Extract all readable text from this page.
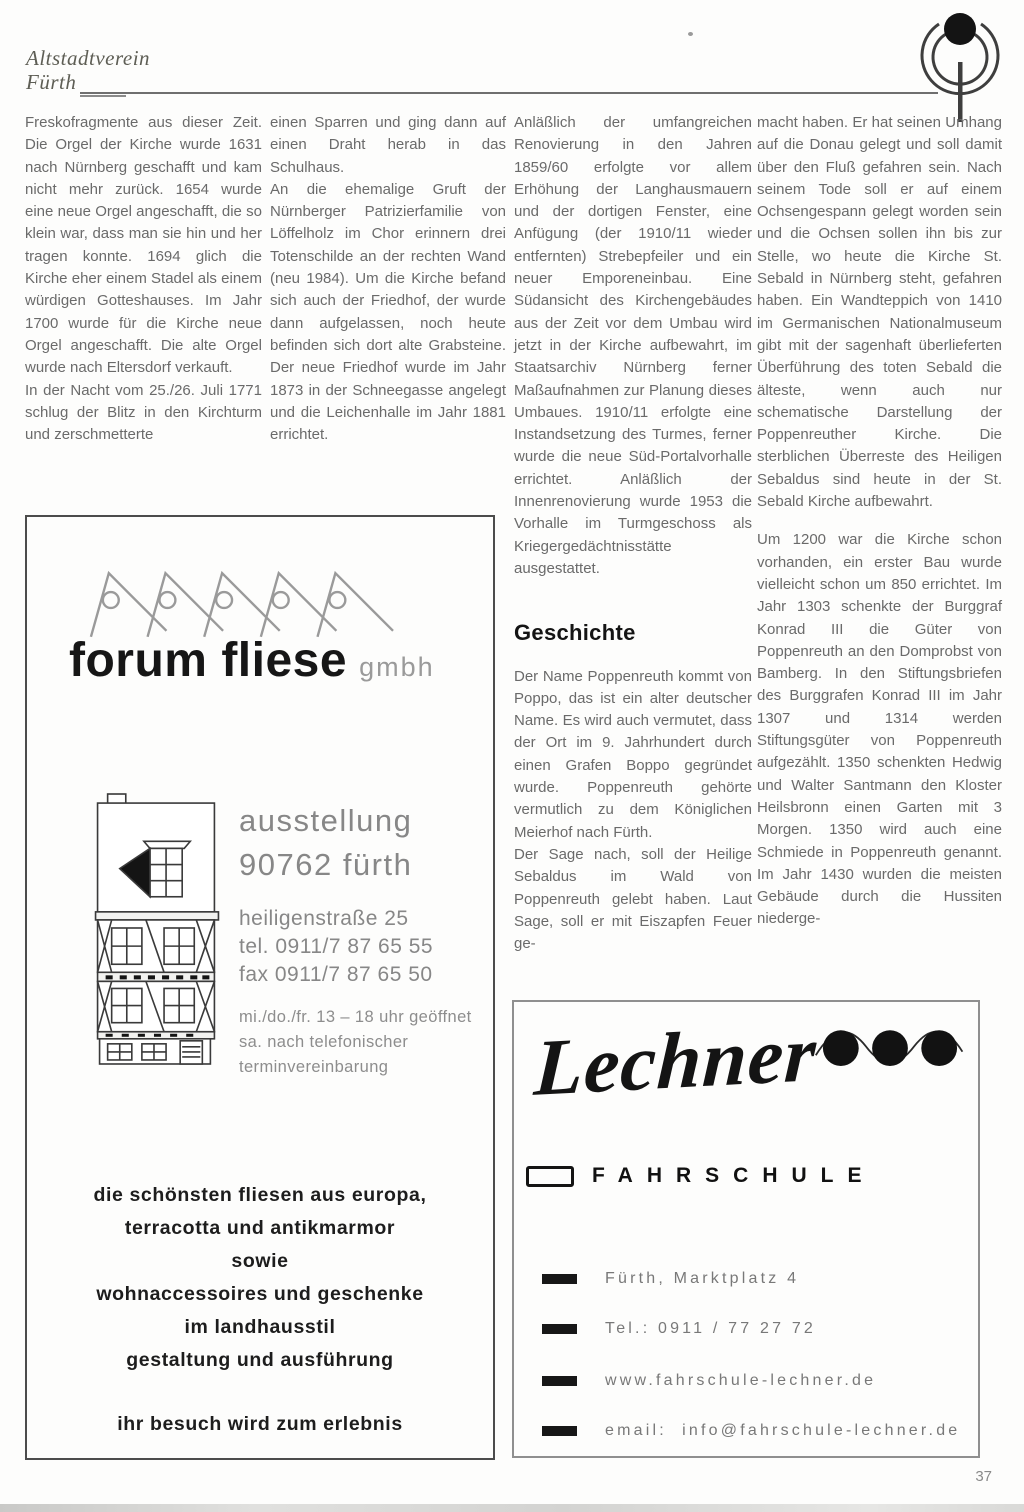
Altstadtverein
Fürth

Freskofragmente aus dieser Zeit. Die Orgel der Kirche wurde 1631 nach Nürnberg geschafft und kam nicht mehr zurück. 1654 wurde eine neue Orgel angeschafft, die so klein war, dass man sie hin und her tragen konnte. 1694 glich die Kirche eher einem Stadel als einem würdigen Gotteshauses. Im Jahr 1700 wurde für die Kirche neue Orgel angeschafft. Die alte Orgel wurde nach Eltersdorf verkauft.

In der Nacht vom 25./26. Juli 1771 schlug der Blitz in den Kirchturm und zerschmetterte

einen Sparren und ging dann auf einen Draht herab in das Schulhaus.

An die ehemalige Gruft der Nürnberger Patrizierfamilie von Löffelholz im Chor erinnern drei Totenschilde an der rechten Wand (neu 1984). Um die Kirche befand sich auch der Friedhof, der wurde dann aufgelassen, noch heute befinden sich dort alte Grabsteine. Der neue Friedhof wurde im Jahr 1873 in der Schneegasse angelegt und die Leichenhalle im Jahr 1881 errichtet.

Anläßlich der umfangreichen Renovierung in den Jahren 1859/60 erfolgte vor allem Erhöhung der Langhausmauern und der dortigen Fenster, eine Anfügung (der 1910/11 wieder entfernten) Strebepfeiler und ein neuer Emporeneinbau. Eine Südansicht des Kirchengebäudes aus der Zeit vor dem Umbau wird jetzt in der Kirche aufbewahrt, im Staatsarchiv Nürnberg ferner Maßaufnahmen zur Planung dieses Umbaues. 1910/11 erfolgte eine Instandsetzung des Turmes, ferner wurde die neue Süd-Portalvorhalle errichtet. Anläßlich der Innenrenovierung wurde 1953 die Vorhalle im Turmgeschoss als Kriegergedächtnisstätte ausgestattet.

Geschichte

Der Name Poppenreuth kommt von Poppo, das ist ein alter deutscher Name. Es wird auch vermutet, dass der Ort im 9. Jahrhundert durch einen Grafen Boppo gegründet wurde. Poppenreuth gehörte vermutlich zu dem Königlichen Meierhof nach Fürth.

Der Sage nach, soll der Heilige Sebaldus im Wald von Poppenreuth gelebt haben. Laut Sage, soll er mit Eiszapfen Feuer ge-

macht haben. Er hat seinen Umhang auf die Donau gelegt und soll damit über den Fluß gefahren sein. Nach seinem Tode soll er auf einem Ochsengespann gelegt worden sein und die Ochsen sollen ihn bis zur Stelle, wo heute die Kirche St. Sebald in Nürnberg steht, gefahren haben. Ein Wandteppich von 1410 im Germanischen Nationalmuseum gibt mit der sagenhaft überlieferten Überführung des toten Sebald die älteste, wenn auch nur schematische Darstellung der Poppenreuther Kirche. Die sterblichen Überreste des Heiligen Sebaldus sind heute in der St. Sebald Kirche aufbewahrt.

Um 1200 war die Kirche schon vorhanden, ein erster Bau wurde vielleicht schon um 850 errichtet. Im Jahr 1303 schenkte der Burggraf Konrad III die Güter von Poppenreuth an den Domprobst von Bamberg. In den Stiftungsbriefen des Burggrafen Konrad III im Jahr 1307 und 1314 werden Stiftungsgüter von Poppenreuth aufgezählt. 1350 schenkten Hedwig und Walter Santmann den Kloster Heilsbronn einen Garten mit 3 Morgen. 1350 wird auch eine Schmiede in Poppenreuth genannt. Im Jahr 1430 wurden die meisten Gebäude durch die Hussiten niederge-

forum fliese gmbh
ausstellung
90762 fürth
heiligenstraße 25
tel. 0911/7 87 65 55
fax 0911/7 87 65 50
mi./do./fr. 13 – 18 uhr geöffnet
sa. nach telefonischer
terminvereinbarung
die schönsten fliesen aus europa,
terracotta und antikmarmor
sowie
wohnaccessoires und geschenke
im landhausstil
gestaltung und ausführung
ihr besuch wird zum erlebnis
Lechner
FAHRSCHULE
Fürth, Marktplatz 4
Tel.: 0911 / 77 27 72
www.fahrschule-lechner.de
email:  info@fahrschule-lechner.de
37
